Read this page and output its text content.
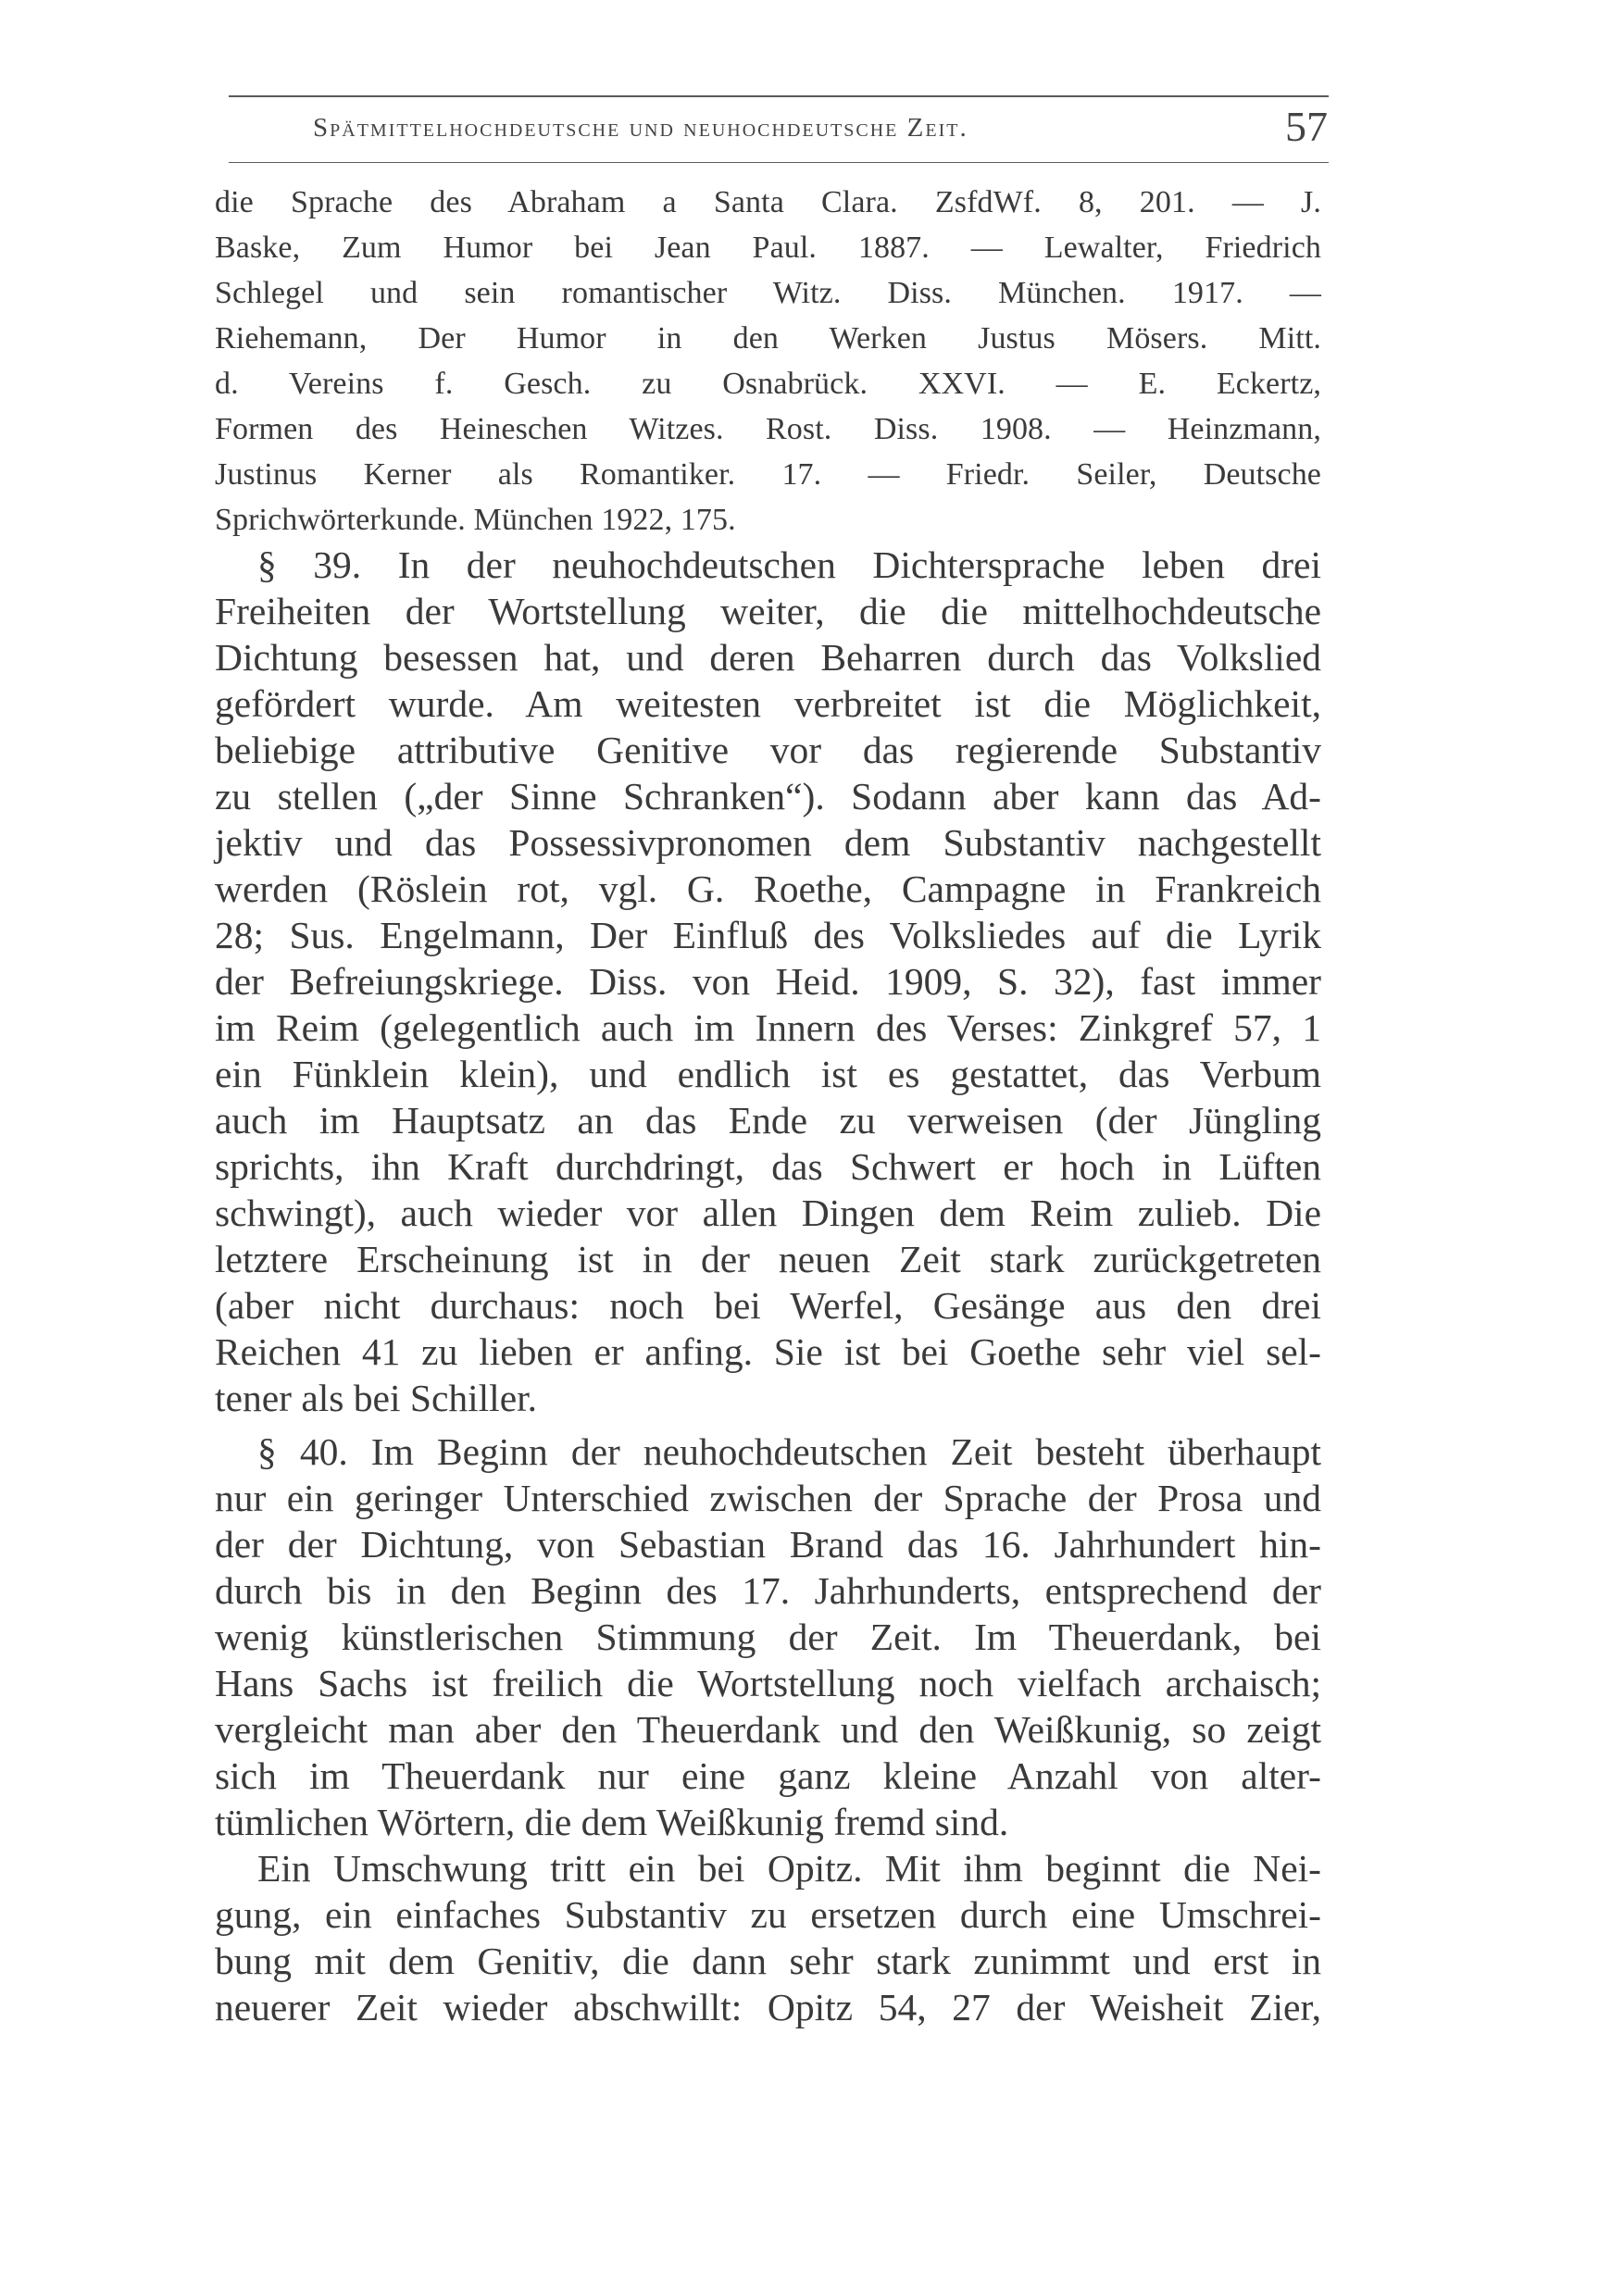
Spätmittelhochdeutsche und neuhochdeutsche Zeit.	57
die Sprache des Abraham a Santa Clara. ZsfdWf. 8, 201. — J.
Baske, Zum Humor bei Jean Paul. 1887. — Lewalter, Friedrich
Schlegel und sein romantischer Witz. Diss. München. 1917. —
Riehemann, Der Humor in den Werken Justus Mösers. Mitt.
d. Vereins f. Gesch. zu Osnabrück. XXVI. — E. Eckertz,
Formen des Heineschen Witzes. Rost. Diss. 1908. — Heinzmann,
Justinus Kerner als Romantiker. 17. — Friedr. Seiler, Deutsche
Sprichwörterkunde. München 1922, 175.
§ 39. In der neuhochdeutschen Dichtersprache leben drei
Freiheiten der Wortstellung weiter, die die mittelhochdeutsche
Dichtung besessen hat, und deren Beharren durch das Volkslied
gefördert wurde. Am weitesten verbreitet ist die Möglichkeit,
beliebige attributive Genitive vor das regierende Substantiv
zu stellen („der Sinne Schranken“). Sodann aber kann das Ad-
jektiv und das Possessivpronomen dem Substantiv nachgestellt
werden (Röslein rot, vgl. G. Roethe, Campagne in Frankreich
28; Sus. Engelmann, Der Einfluß des Volksliedes auf die Lyrik
der Befreiungskriege. Diss. von Heid. 1909, S. 32), fast immer
im Reim (gelegentlich auch im Innern des Verses: Zinkgref 57, 1
ein Fünklein klein), und endlich ist es gestattet, das Verbum
auch im Hauptsatz an das Ende zu verweisen (der Jüngling
sprichts, ihn Kraft durchdringt, das Schwert er hoch in Lüften
schwingt), auch wieder vor allen Dingen dem Reim zulieb. Die
letztere Erscheinung ist in der neuen Zeit stark zurückgetreten
(aber nicht durchaus: noch bei Werfel, Gesänge aus den drei
Reichen 41 zu lieben er anfing. Sie ist bei Goethe sehr viel sel-
tener als bei Schiller.
§ 40. Im Beginn der neuhochdeutschen Zeit besteht überhaupt
nur ein geringer Unterschied zwischen der Sprache der Prosa und
der der Dichtung, von Sebastian Brand das 16. Jahrhundert hin-
durch bis in den Beginn des 17. Jahrhunderts, entsprechend der
wenig künstlerischen Stimmung der Zeit. Im Theuerdank, bei
Hans Sachs ist freilich die Wortstellung noch vielfach archaisch;
vergleicht man aber den Theuerdank und den Weißkunig, so zeigt
sich im Theuerdank nur eine ganz kleine Anzahl von alter-
tümlichen Wörtern, die dem Weißkunig fremd sind.
Ein Umschwung tritt ein bei Opitz. Mit ihm beginnt die Nei-
gung, ein einfaches Substantiv zu ersetzen durch eine Umschrei-
bung mit dem Genitiv, die dann sehr stark zunimmt und erst in
neuerer Zeit wieder abschwillt: Opitz 54, 27 der Weisheit Zier,
